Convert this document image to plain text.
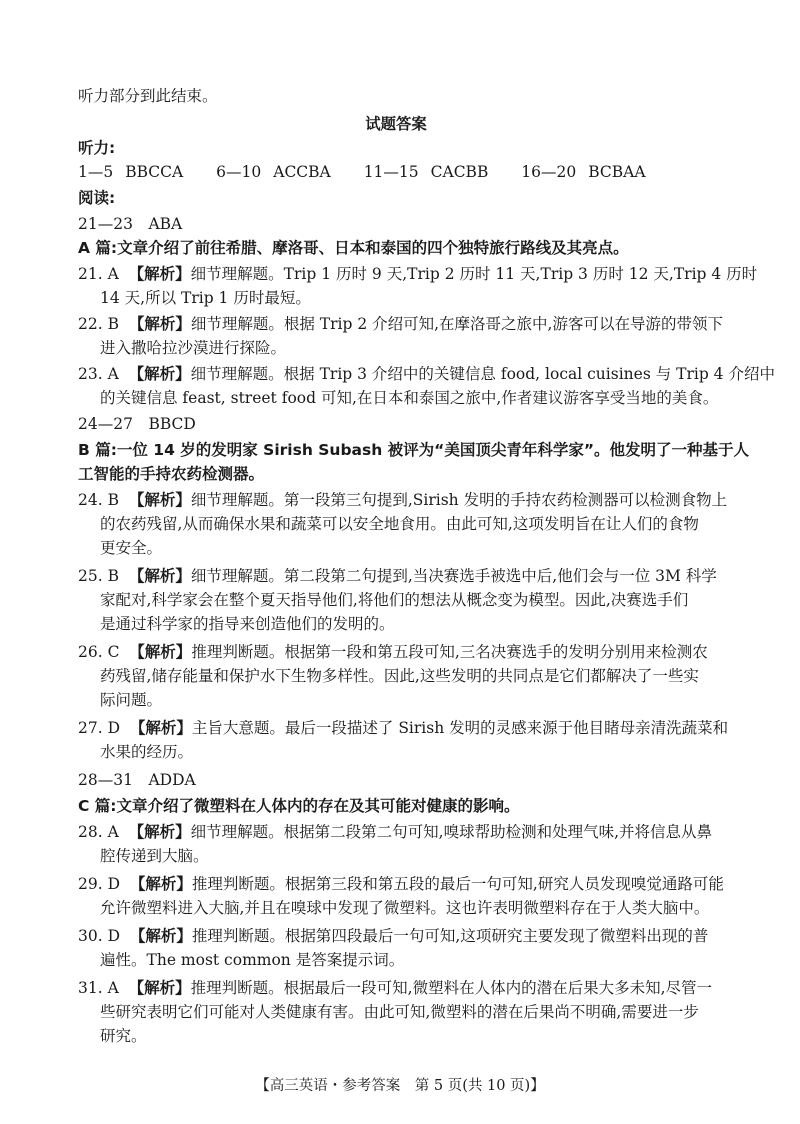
听力部分到此结束。
试题答案
听力:
1—5 BBCCA 6—10 ACCBA 11—15 CACBB 16—20 BCBAA
阅读:
21—23　ABA
A 篇:文章介绍了前往希腊、摩洛哥、日本和泰国的四个独特旅行路线及其亮点。
21. A 【解析】细节理解题。Trip 1 历时 9 天,Trip 2 历时 11 天,Trip 3 历时 12 天,Trip 4 历时
14 天,所以 Trip 1 历时最短。
22. B 【解析】细节理解题。根据 Trip 2 介绍可知,在摩洛哥之旅中,游客可以在导游的带领下
进入撒哈拉沙漠进行探险。
23. A 【解析】细节理解题。根据 Trip 3 介绍中的关键信息 food, local cuisines 与 Trip 4 介绍中
的关键信息 feast, street food 可知,在日本和泰国之旅中,作者建议游客享受当地的美食。
24—27　BBCD
B 篇:一位 14 岁的发明家 Sirish Subash 被评为“美国顶尖青年科学家”。他发明了一种基于人
工智能的手持农药检测器。
24. B 【解析】细节理解题。第一段第三句提到,Sirish 发明的手持农药检测器可以检测食物上
的农药残留,从而确保水果和蔬菜可以安全地食用。由此可知,这项发明旨在让人们的食物
更安全。
25. B 【解析】细节理解题。第二段第二句提到,当决赛选手被选中后,他们会与一位 3M 科学
家配对,科学家会在整个夏天指导他们,将他们的想法从概念变为模型。因此,决赛选手们
是通过科学家的指导来创造他们的发明的。
26. C 【解析】推理判断题。根据第一段和第五段可知,三名决赛选手的发明分别用来检测农
药残留,储存能量和保护水下生物多样性。因此,这些发明的共同点是它们都解决了一些实
际问题。
27. D 【解析】主旨大意题。最后一段描述了 Sirish 发明的灵感来源于他目睹母亲清洗蔬菜和
水果的经历。
28—31　ADDA
C 篇:文章介绍了微塑料在人体内的存在及其可能对健康的影响。
28. A 【解析】细节理解题。根据第二段第二句可知,嗅球帮助检测和处理气味,并将信息从鼻
腔传递到大脑。
29. D 【解析】推理判断题。根据第三段和第五段的最后一句可知,研究人员发现嗅觉通路可能
允许微塑料进入大脑,并且在嗅球中发现了微塑料。这也许表明微塑料存在于人类大脑中。
30. D 【解析】推理判断题。根据第四段最后一句可知,这项研究主要发现了微塑料出现的普
遍性。The most common 是答案提示词。
31. A 【解析】推理判断题。根据最后一段可知,微塑料在人体内的潜在后果大多未知,尽管一
些研究表明它们可能对人类健康有害。由此可知,微塑料的潜在后果尚不明确,需要进一步
研究。
【高三英语・参考答案　第 5 页(共 10 页)】
